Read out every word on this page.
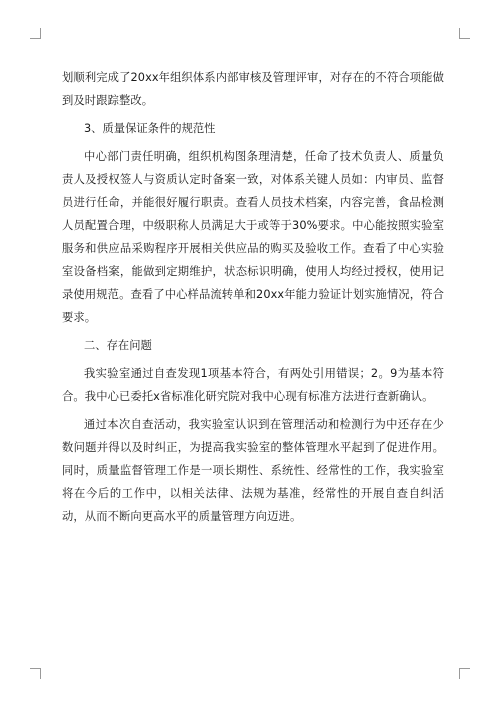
划顺利完成了20xx年组织体系内部审核及管理评审，对存在的不符合项能做到及时跟踪整改。

3、质量保证条件的规范性

中心部门责任明确，组织机构图条理清楚，任命了技术负责人、质量负责人及授权签人与资质认定时备案一致，对体系关键人员如：内审员、监督员进行任命，并能很好履行职责。查看人员技术档案，内容完善，食品检测人员配置合理，中级职称人员满足大于或等于30%要求。中心能按照实验室服务和供应品采购程序开展相关供应品的购买及验收工作。查看了中心实验室设备档案，能做到定期维护，状态标识明确，使用人均经过授权，使用记录使用规范。查看了中心样品流转单和20xx年能力验证计划实施情况，符合要求。

二、存在问题

我实验室通过自查发现1项基本符合，有两处引用错误；2。9为基本符合。我中心已委托x省标准化研究院对我中心现有标准方法进行查新确认。

通过本次自查活动，我实验室认识到在管理活动和检测行为中还存在少数问题并得以及时纠正，为提高我实验室的整体管理水平起到了促进作用。同时，质量监督管理工作是一项长期性、系统性、经常性的工作，我实验室将在今后的工作中，以相关法律、法规为基准，经常性的开展自查自纠活动，从而不断向更高水平的质量管理方向迈进。
